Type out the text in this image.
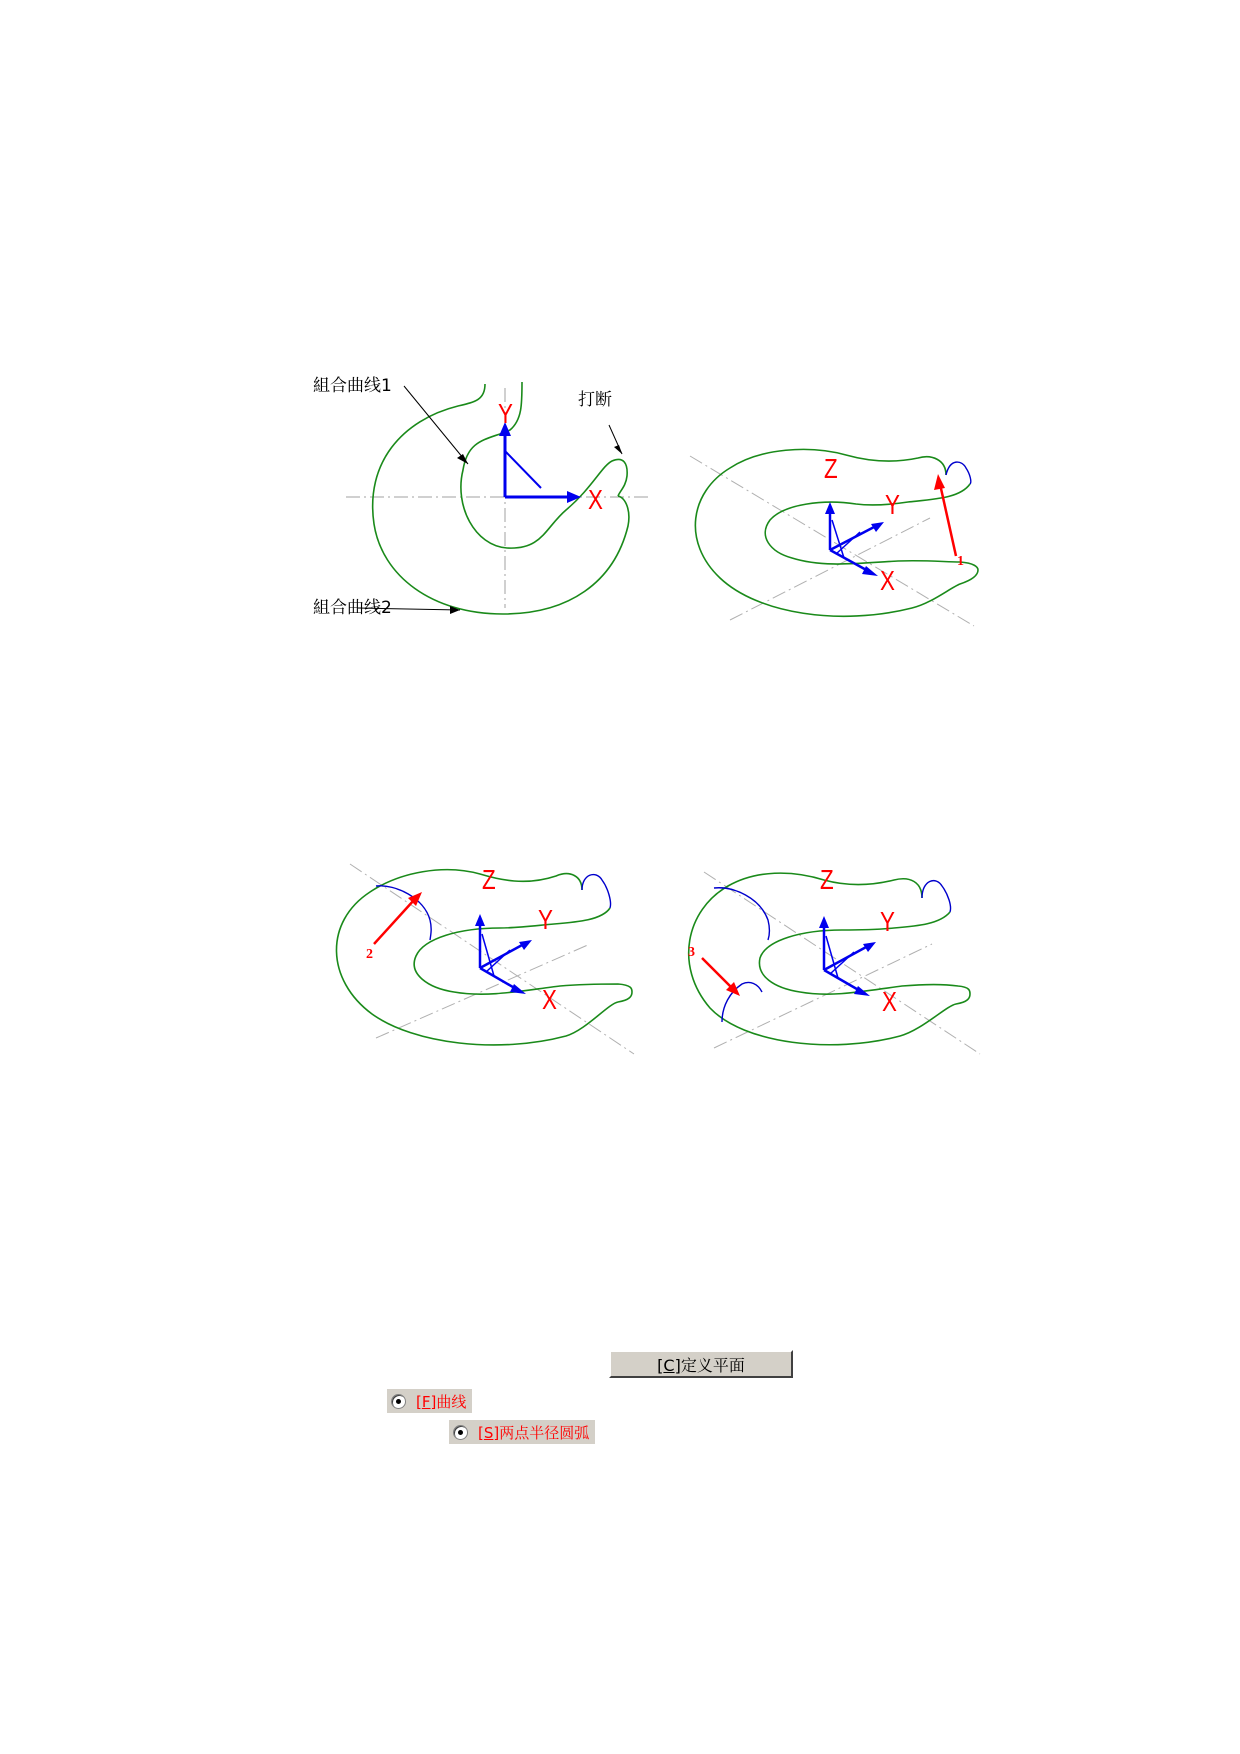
組合曲线1
打断
組合曲线2
Y
X
Z
Y
X
1
Z
Y
X
2
Z
Y
X
3
[C]定义平面
[F]曲线
[S]两点半径圆弧
